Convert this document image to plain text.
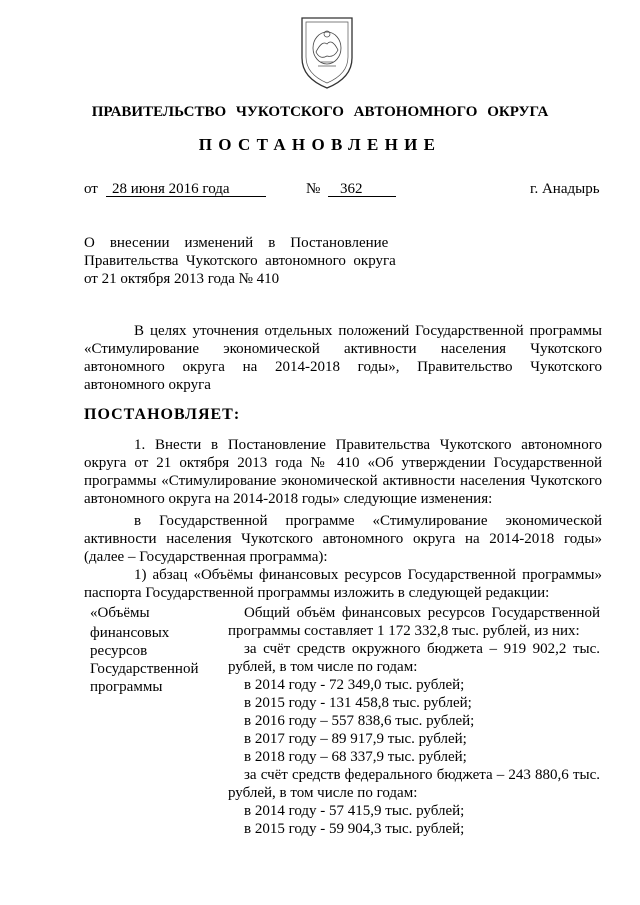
ПРАВИТЕЛЬСТВО ЧУКОТСКОГО АВТОНОМНОГО ОКРУГА
ПОСТАНОВЛЕНИЕ
от 28 июня 2016 года	№ 362	г. Анадырь
О    внесении    изменений    в    Постановление
Правительства  Чукотского  автономного  округа
от 21 октября 2013 года № 410

В целях уточнения отдельных положений Государственной программы «Стимулирование экономической активности населения Чукотского автономного округа на 2014-2018 годы», Правительство Чукотского автономного округа

ПОСТАНОВЛЯЕТ:

1. Внести в Постановление Правительства Чукотского автономного округа от 21 октября 2013 года № 410 «Об утверждении Государственной программы «Стимулирование экономической активности населения Чукотского автономного округа на 2014-2018 годы» следующие изменения:

в Государственной программе «Стимулирование экономической активности населения Чукотского автономного округа на 2014-2018 годы» (далее – Государственная программа):

1) абзац «Объёмы финансовых ресурсов Государственной программы» паспорта Государственной программы изложить в следующей редакции:

«Объёмы
финансовых
ресурсов
Государственной
программы

Общий объём финансовых ресурсов Государственной программы составляет 1 172 332,8 тыс. рублей, из них:

за счёт средств окружного бюджета – 919 902,2 тыс. рублей, в том числе по годам:

в 2014 году - 72 349,0 тыс. рублей;
в 2015 году - 131 458,8 тыс. рублей;
в 2016 году – 557 838,6 тыс. рублей;
в 2017 году – 89 917,9 тыс. рублей;
в 2018 году – 68 337,9 тыс. рублей;

за счёт средств федерального бюджета – 243 880,6 тыс. рублей, в том числе по годам:

в 2014 году - 57 415,9 тыс. рублей;
в 2015 году - 59 904,3 тыс. рублей;
